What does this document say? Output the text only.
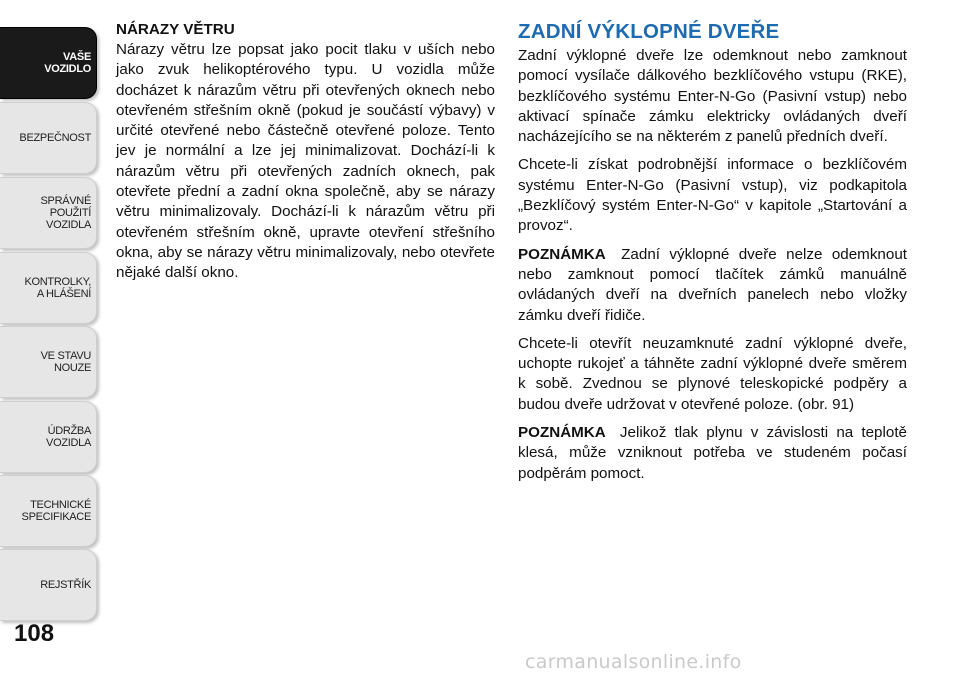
VAŠE
VOZIDLO
BEZPEČNOST
SPRÁVNÉ
POUŽITÍ
VOZIDLA
KONTROLKY,
A HLÁŠENÍ
VE STAVU
NOUZE
ÚDRŽBA
VOZIDLA
TECHNICKÉ
SPECIFIKACE
REJSTŘÍK
108
NÁRAZY VĚTRU

Nárazy větru lze popsat jako pocit tlaku v uších nebo jako zvuk helikoptérového typu. U vozidla může docházet k nárazům větru při otevřených oknech nebo otevřeném střešním okně (pokud je součástí výbavy) v určité otevřené nebo částečně otevřené poloze. Tento jev je normální a lze jej minimalizovat. Dochází-li k nárazům větru při otevřených zadních oknech, pak otevřete přední a zadní okna společně, aby se nárazy větru minimalizovaly. Dochází-li k nárazům větru při otevřeném střešním okně, upravte otevření střešního okna, aby se nárazy větru minimalizovaly, nebo otevřete nějaké další okno.

ZADNÍ VÝKLOPNÉ DVEŘE

Zadní výklopné dveře lze odemknout nebo zamknout pomocí vysílače dálkového bezklíčového vstupu (RKE), bezklíčového systému Enter-N-Go (Pasivní vstup) nebo aktivací spínače zámku elektricky ovládaných dveří nacházejícího se na některém z panelů předních dveří.

Chcete-li získat podrobnější informace o bezklíčovém systému Enter-N-Go (Pasivní vstup), viz podkapitola „Bezklíčový systém Enter-N-Go“ v kapitole „Startování a provoz“.

POZNÁMKA Zadní výklopné dveře nelze odemknout nebo zamknout pomocí tlačítek zámků manuálně ovládaných dveří na dveřních panelech nebo vložky zámku dveří řidiče.

Chcete-li otevřít neuzamknuté zadní výklopné dveře, uchopte rukojeť a táhněte zadní výklopné dveře směrem k sobě. Zvednou se plynové teleskopické podpěry a budou dveře udržovat v otevřené poloze. (obr. 91)

POZNÁMKA Jelikož tlak plynu v závislosti na teplotě klesá, může vzniknout potřeba ve studeném počasí podpěrám pomoct.

carmanualsonline.info
